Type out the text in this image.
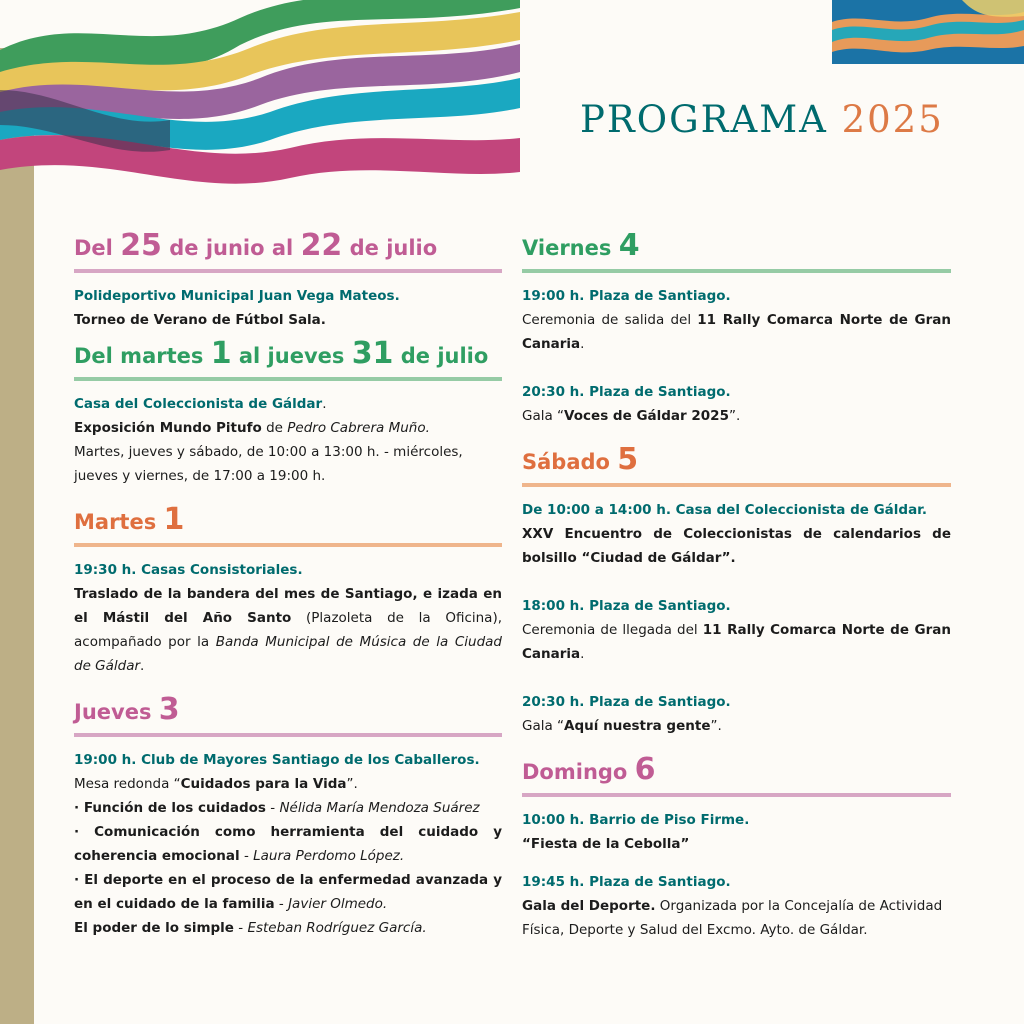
PROGRAMA 2025
Del 25 de junio al 22 de julio

Polideportivo Municipal Juan Vega Mateos.

Torneo de Verano de Fútbol Sala.

Del martes 1 al jueves 31 de julio

Casa del Coleccionista de Gáldar.

Exposición Mundo Pitufo de Pedro Cabrera Muño.

Martes, jueves y sábado, de 10:00 a 13:00 h. - miércoles, jueves y viernes, de 17:00 a 19:00 h.

Martes 1

19:30 h. Casas Consistoriales.

Traslado de la bandera del mes de Santiago, e izada en el Mástil del Año Santo (Plazoleta de la Oficina), acompañado por la Banda Municipal de Música de la Ciudad de Gáldar.

Jueves 3

19:00 h. Club de Mayores Santiago de los Caballeros.

Mesa redonda “Cuidados para la Vida”.

· Función de los cuidados - Nélida María Mendoza Suárez

· Comunicación como herramienta del cuidado y coherencia emocional - Laura Perdomo López.

· El deporte en el proceso de la enfermedad avanzada y en el cuidado de la familia - Javier Olmedo.

El poder de lo simple - Esteban Rodríguez García.

Viernes 4

19:00 h. Plaza de Santiago.

Ceremonia de salida del 11 Rally Comarca Norte de Gran Canaria.

20:30 h. Plaza de Santiago.

Gala “Voces de Gáldar 2025”.

Sábado 5

De 10:00 a 14:00 h. Casa del Coleccionista de Gáldar.

XXV Encuentro de Coleccionistas de calendarios de bolsillo “Ciudad de Gáldar”.

18:00 h. Plaza de Santiago.

Ceremonia de llegada del 11 Rally Comarca Norte de Gran Canaria.

20:30 h. Plaza de Santiago.

Gala “Aquí nuestra gente”.

Domingo 6

10:00 h. Barrio de Piso Firme.

“Fiesta de la Cebolla”

19:45 h. Plaza de Santiago.

Gala del Deporte. Organizada por la Concejalía de Actividad Física, Deporte y Salud del Excmo. Ayto. de Gáldar.
